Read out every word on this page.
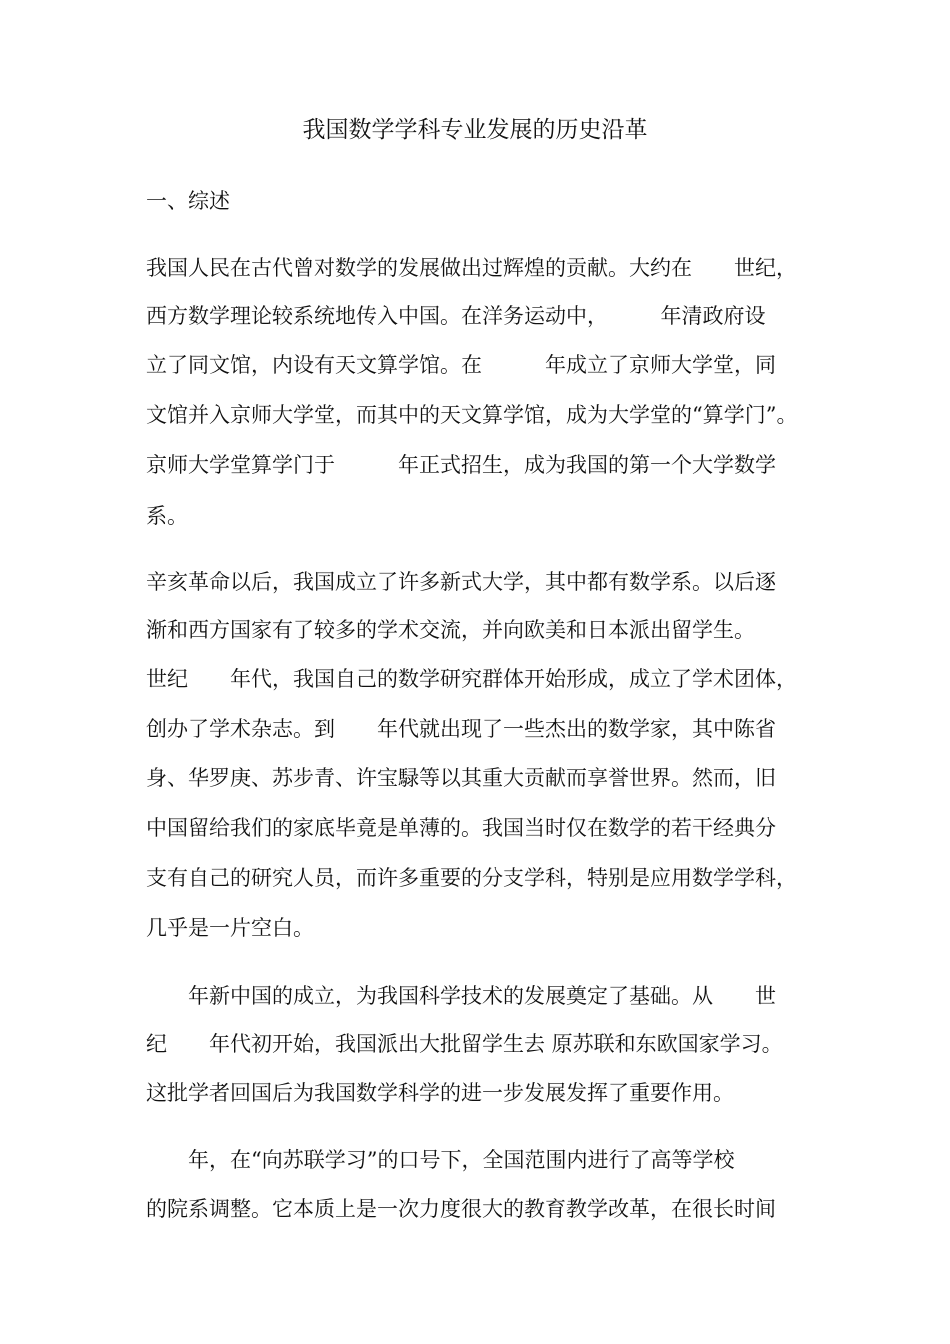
我国数学学科专业发展的历史沿革
一、综述
我国人民在古代曾对数学的发展做出过辉煌的贡献。大约在　　世纪，
西方数学理论较系统地传入中国。在洋务运动中，　　　年清政府设
立了同文馆，内设有天文算学馆。在　　　年成立了京师大学堂，同
文馆并入京师大学堂，而其中的天文算学馆，成为大学堂的“算学门”。
京师大学堂算学门于　　　年正式招生，成为我国的第一个大学数学
系。
辛亥革命以后，我国成立了许多新式大学，其中都有数学系。以后逐
渐和西方国家有了较多的学术交流，并向欧美和日本派出留学生。
世纪　　年代，我国自己的数学研究群体开始形成，成立了学术团体，
创办了学术杂志。到　　年代就出现了一些杰出的数学家，其中陈省
身、华罗庚、苏步青、许宝騄等以其重大贡献而享誉世界。然而，旧
中国留给我们的家底毕竟是单薄的。我国当时仅在数学的若干经典分
支有自己的研究人员，而许多重要的分支学科，特别是应用数学学科，
几乎是一片空白。
　　年新中国的成立，为我国科学技术的发展奠定了基础。从　　世
纪　　年代初开始，我国派出大批留学生去 原苏联和东欧国家学习。
这批学者回国后为我国数学科学的进一步发展发挥了重要作用。
　　年，在“向苏联学习”的口号下，全国范围内进行了高等学校
的院系调整。它本质上是一次力度很大的教育教学改革，在很长时间
